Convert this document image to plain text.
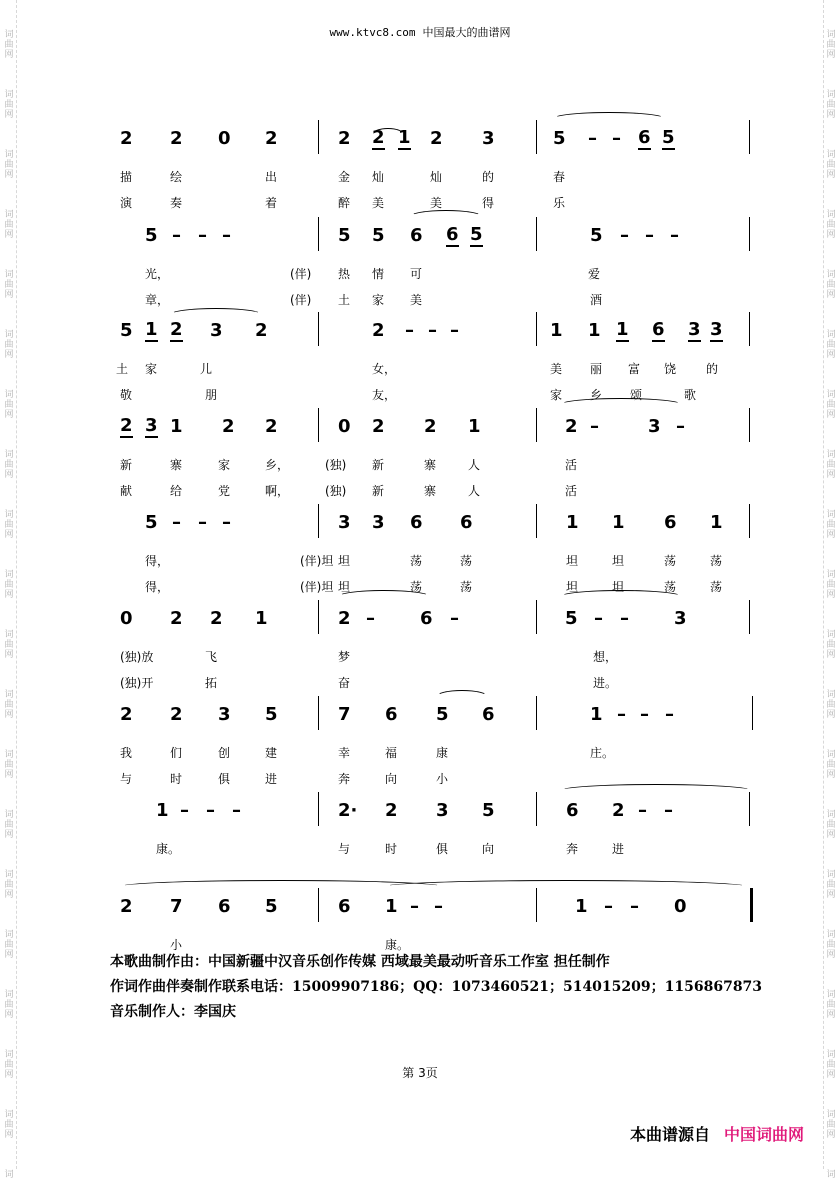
词
曲
网
词
曲
网
词
曲
网
词
曲
网
词
曲
网
词
曲
网
词
曲
网
词
曲
网
词
曲
网
词
曲
网
词
曲
网
词
曲
网
词
曲
网
词
曲
网
词
曲
网
词
曲
网
词
曲
网
词
曲
网
词
曲
网
词
词
曲
网
词
曲
网
词
曲
网
词
曲
网
词
曲
网
词
曲
网
词
曲
网
词
曲
网
词
曲
网
词
曲
网
词
曲
网
词
曲
网
词
曲
网
词
曲
网
词
曲
网
词
曲
网
词
曲
网
词
曲
网
词
曲
网
词
www.ktvc8.com 中国最大的曲谱网
2 2 0 2	2 2 1 2 3	5 – – 6 5
描	绘	出	金 灿	灿	的	春
演	奏	着	醉 美	美	得	乐
5 – – –	5 5 6 6 5	5 – – –
光，	(伴) 热 情 可	爱
章，	(伴) 土 家 美	酒
5 1 2 3 2	2 – – –	1 1 1 6 3 3
土 家	儿	女，	美 丽 富 饶 的
敬	朋	友，	家 乡 颂	歌
2 3 1 2 2	0 2 2 1	2 –	3 –
新	寨	家	乡，	(独) 新	寨	人	活
献	给	党	啊，	(独) 新	寨	人	活
5 – – –	3 3 6 6	1 1 6 1
得，	(伴)坦 坦	荡	荡	坦	坦	荡	荡
得，	(伴)坦 坦	荡	荡	坦	坦	荡	荡
0 2 2 1	2 –	6 –	5 – –	3
(独)放	飞	梦	想，
(独)开	拓	奋	进。
2 2 3 5	7 6 5 6	1 – – –
我	们	创	建	幸	福	康	庄。
与	时	俱	进	奔	向	小
1 – – –	2· 2 3 5	6 2 – –
康。	与	时	俱	向	奔	进
2 7 6 5	6 1 – –	1 – – 0
小	康。
本歌曲制作由：中国新疆中汉音乐创作传媒 西域最美最动听音乐工作室 担任制作
作词作曲伴奏制作联系电话：15009907186；QQ：1073460521；514015209；1156867873
音乐制作人：李国庆
第 3页
本曲谱源自 中国词曲网
